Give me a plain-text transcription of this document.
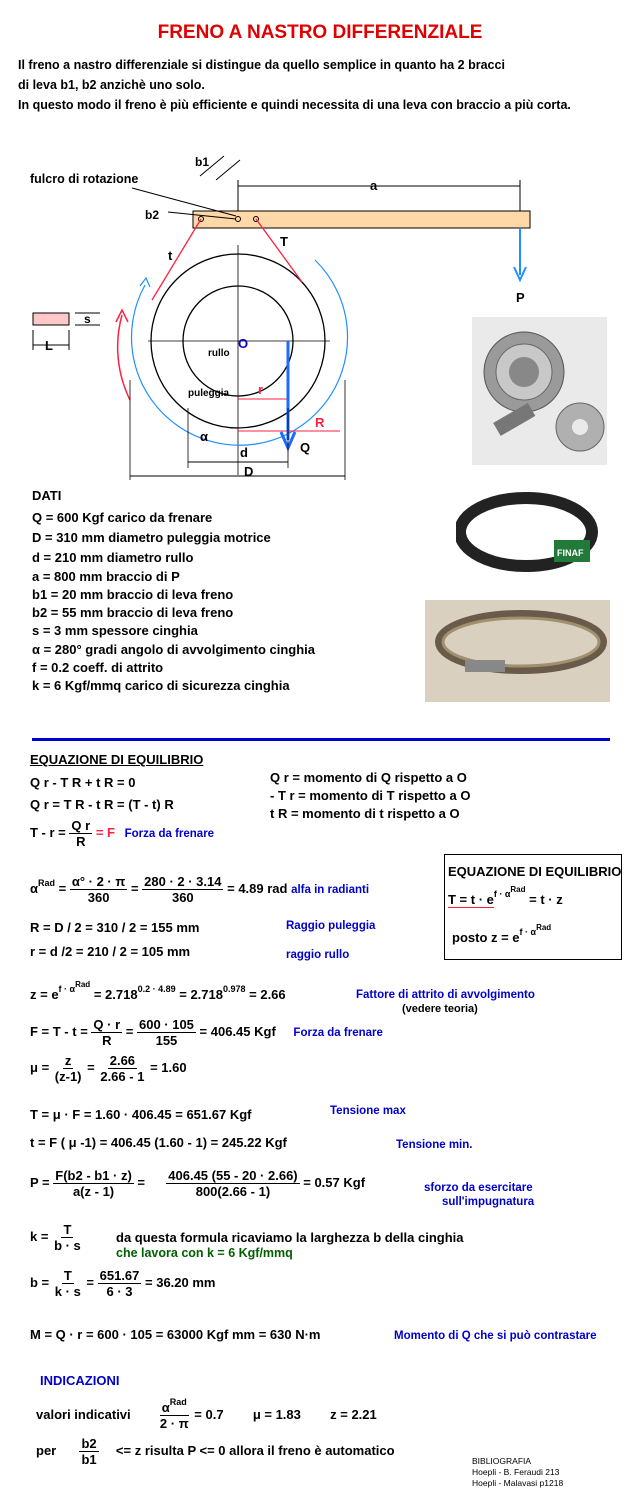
FRENO A NASTRO DIFFERENZIALE
Il freno a nastro differenziale si distingue da quello semplice in quanto ha 2 bracci
di leva b1, b2 anzichè uno solo.
In questo modo il freno è più efficiente e quindi necessita di una leva con braccio a più corta.
a
b1
b2
fulcro di rotazione
P
O
rullo
puleggia
t
T
r
R
Q
α
d
D
s
L
FINAF
DATI
Q = 600 Kgf carico da frenare
D = 310 mm diametro puleggia motrice
d = 210 mm diametro rullo
a = 800 mm braccio di P
b1 = 20 mm braccio di leva freno
b2 = 55 mm braccio di leva freno
s = 3 mm spessore cinghia
α = 280° gradi angolo di avvolgimento cinghia
f = 0.2 coeff. di attrito
k = 6 Kgf/mmq carico di sicurezza cinghia
EQUAZIONE DI EQUILIBRIO
Q r - T R + t R = 0
Q r = T R - t R = (T - t) R
$T - r = \frac{\text{Q r}}{R} = F$ Forza da frenare
Q r = momento di Q rispetto a O
- T r = momento di T rispetto a O
t R = momento di t rispetto a O
EQUAZIONE DI EQUILIBRIO
$T = t \cdot e^{f \cdot \alpha Rad} = t \cdot z$
posto $z = e^{f \cdot \alpha Rad}$
$\alpha^{Rad} = \frac{\alpha^\circ \cdot 2 \cdot \pi}{360} = \frac{280 \cdot 2 \cdot 3.14}{360} = 4.89$ rad alfa in radianti
R = D / 2 = 310 / 2 = 155 mm	Raggio puleggia
r = d /2 = 210 / 2 = 105 mm	raggio rullo
$z = e^{f \cdot \alpha Rad} = 2.718^{0.2 \cdot 4.89} = 2.718^{0.978} = 2.66$	Fattore di attrito di avvolgimento
(vedere teoria)
$F = T - t = \frac{Q \cdot r}{R} = \frac{600 \cdot 105}{155} = 406.45$ Kgf Forza da frenare
$\mu = \frac{z}{(z-1)} = \frac{2.66}{2.66 - 1} = 1.60$
T = μ · F = 1.60 · 406.45 = 651.67 Kgf	Tensione max
t = F ( μ -1) = 406.45 (1.60 - 1) = 245.22 Kgf	Tensione min.
$P = \frac{F(b2 - b1 \cdot z)}{a(z - 1)} = \frac{406.45 (55 - 20 \cdot 2.66)}{800(2.66 - 1)} = 0.57$ Kgf	sforzo da esercitare
sull'impugnatura
$k = \frac{T}{b \cdot s}$	da questa formula ricaviamo la larghezza b della cinghia
che lavora con k = 6 Kgf/mmq
$b = \frac{T}{k \cdot s} = \frac{651.67}{6 \cdot 3} = 36.20$ mm
M = Q · r = 600 · 105 = 63000 Kgf mm = 630 N·m	Momento di Q che si può contrastare
INDICAZIONI
valori indicativi $\frac{\alpha^{Rad}}{2 \cdot \pi} = 0.7$ μ = 1.83 z = 2.21
per $\frac{b2}{b1} <= z$ risulta P <= 0 allora il freno è automatico
BIBLIOGRAFIA
Hoepli - B. Feraudi 213
Hoepli - Malavasi p1218
